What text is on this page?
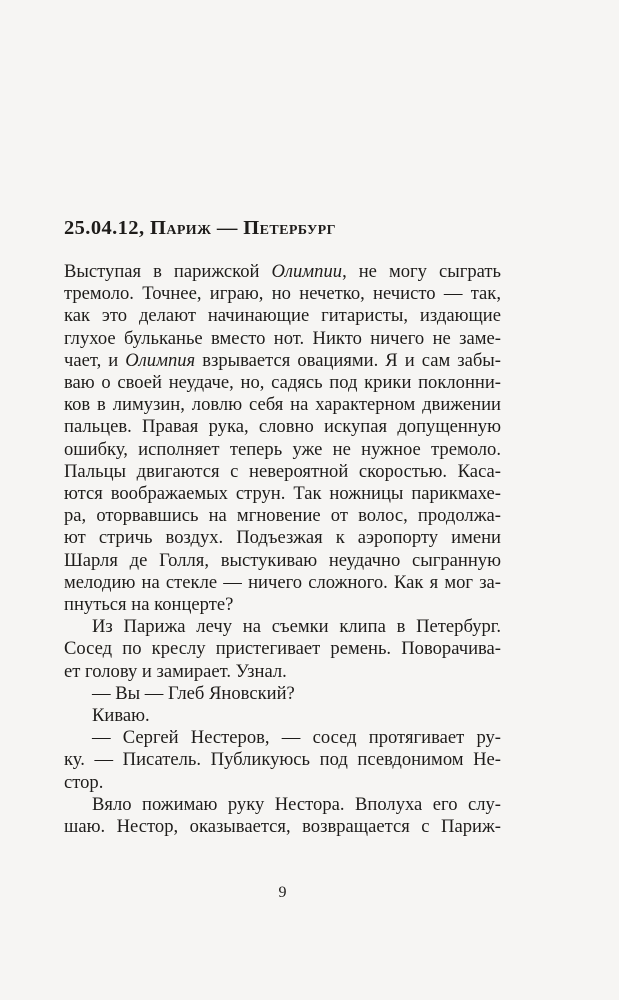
25.04.12, Париж — Петербург
Выступая в парижской Олимпии, не могу сыграть
тремоло. Точнее, играю, но нечетко, нечисто — так,
как это делают начинающие гитаристы, издающие
глухое бульканье вместо нот. Никто ничего не заме-
чает, и Олимпия взрывается овациями. Я и сам забы-
ваю о своей неудаче, но, садясь под крики поклонни-
ков в лимузин, ловлю себя на характерном движении
пальцев. Правая рука, словно искупая допущенную
ошибку, исполняет теперь уже не нужное тремоло.
Пальцы двигаются с невероятной скоростью. Каса-
ются воображаемых струн. Так ножницы парикмахе-
ра, оторвавшись на мгновение от волос, продолжа-
ют стричь воздух. Подъезжая к аэропорту имени
Шарля де Голля, выстукиваю неудачно сыгранную
мелодию на стекле — ничего сложного. Как я мог за-
пнуться на концерте?
Из Парижа лечу на съемки клипа в Петербург.
Сосед по креслу пристегивает ремень. Поворачива-
ет голову и замирает. Узнал.
— Вы — Глеб Яновский?
Киваю.
— Сергей Нестеров, — сосед протягивает ру-
ку. — Писатель. Публикуюсь под псевдонимом Не-
стор.
Вяло пожимаю руку Нестора. Вполуха его слу-
шаю. Нестор, оказывается, возвращается с Париж-
9
